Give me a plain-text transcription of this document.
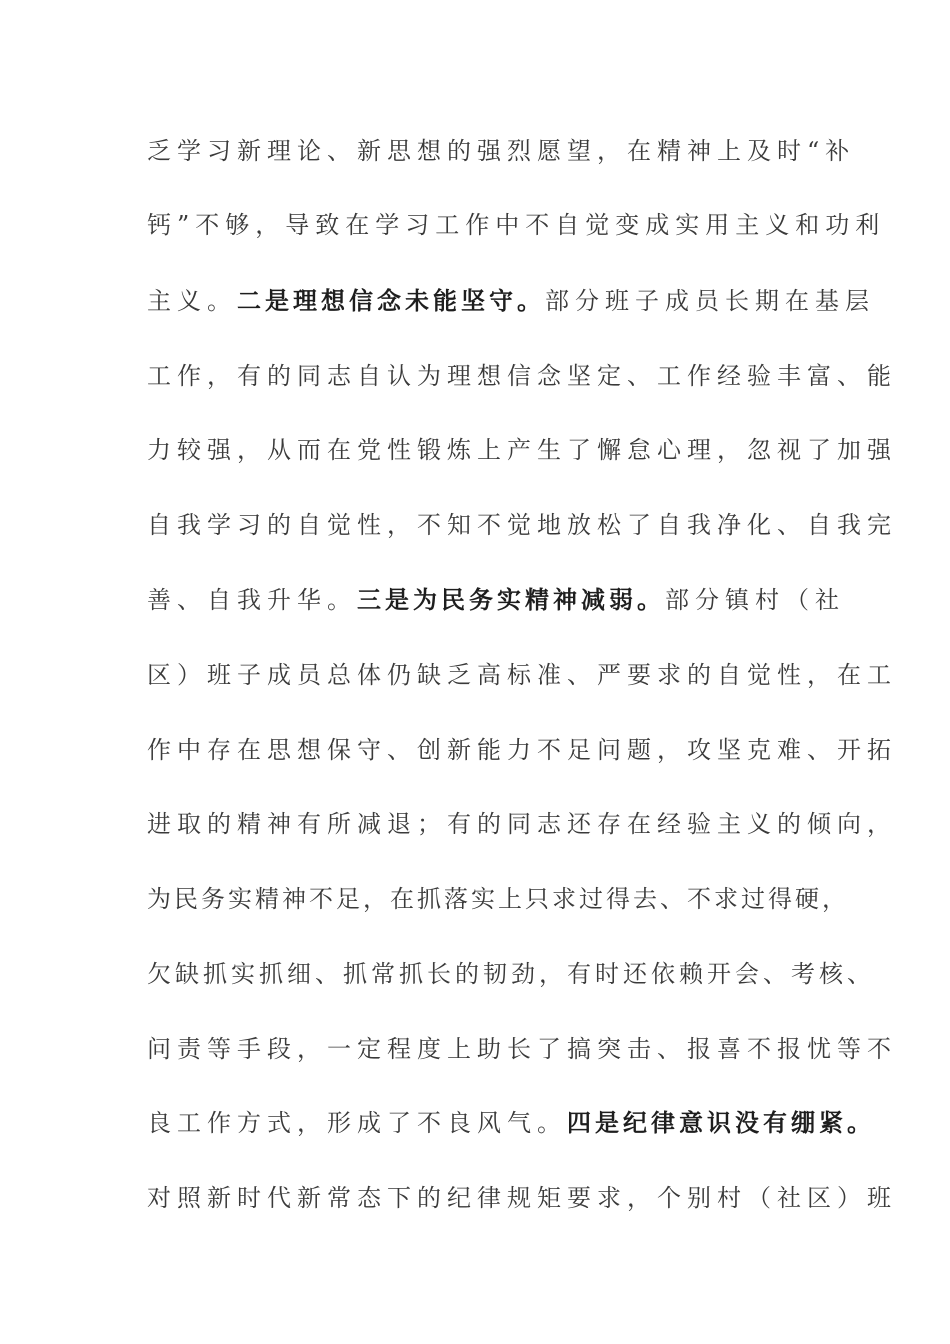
乏学习新理论、新思想的强烈愿望，在精神上及时“补
钙”不够，导致在学习工作中不自觉变成实用主义和功利
主义。二是理想信念未能坚守。部分班子成员长期在基层
工作，有的同志自认为理想信念坚定、工作经验丰富、能
力较强，从而在党性锻炼上产生了懈怠心理，忽视了加强
自我学习的自觉性，不知不觉地放松了自我净化、自我完
善、自我升华。三是为民务实精神减弱。部分镇村（社
区）班子成员总体仍缺乏高标准、严要求的自觉性，在工
作中存在思想保守、创新能力不足问题，攻坚克难、开拓
进取的精神有所减退；有的同志还存在经验主义的倾向，
为民务实精神不足，在抓落实上只求过得去、不求过得硬，
欠缺抓实抓细、抓常抓长的韧劲，有时还依赖开会、考核、
问责等手段，一定程度上助长了搞突击、报喜不报忧等不
良工作方式，形成了不良风气。四是纪律意识没有绷紧。
对照新时代新常态下的纪律规矩要求，个别村（社区）班
